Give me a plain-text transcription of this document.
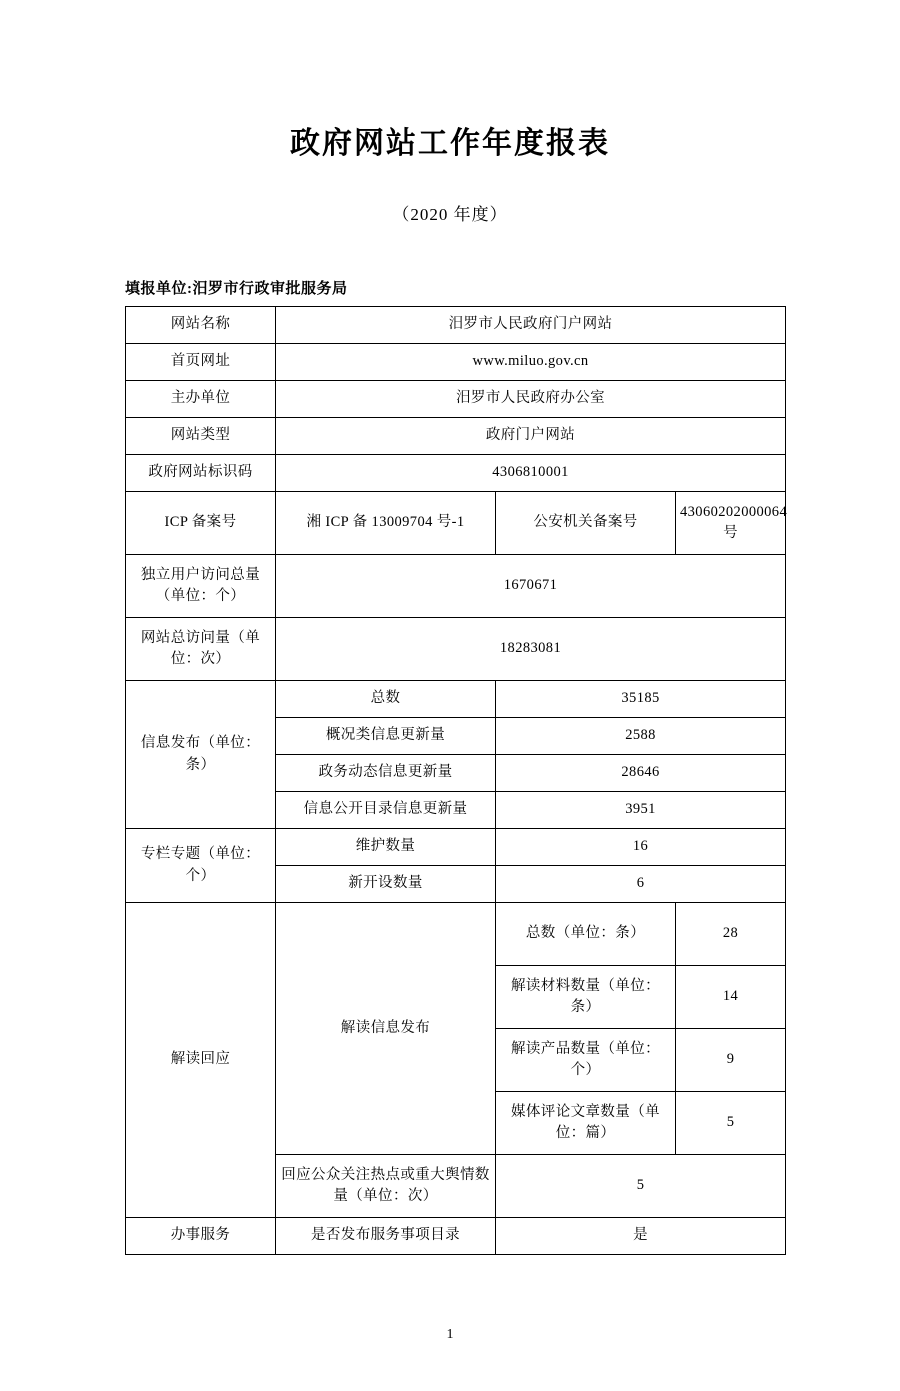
政府网站工作年度报表
（2020 年度）
填报单位:汨罗市行政审批服务局
网站名称	汨罗市人民政府门户网站		
首页网址	www.miluo.gov.cn		
主办单位	汨罗市人民政府办公室		
网站类型	政府门户网站		
政府网站标识码	4306810001		
ICP 备案号	湘 ICP 备 13009704 号-1	公安机关备案号	43060202000064 号
独立用户访问总量（单位：个）	1670671		
网站总访问量（单位：次）	18283081		
信息发布（单位：条）	总数	35185	
	概况类信息更新量	2588	
	政务动态信息更新量	28646	
	信息公开目录信息更新量	3951	
专栏专题（单位：个）	维护数量	16	
	新开设数量	6	
解读回应	解读信息发布	总数（单位：条）	28
		解读材料数量（单位：条）	14
		解读产品数量（单位：个）	9
		媒体评论文章数量（单位：篇）	5
	回应公众关注热点或重大舆情数量（单位：次）	5	
办事服务	是否发布服务事项目录	是	
1
